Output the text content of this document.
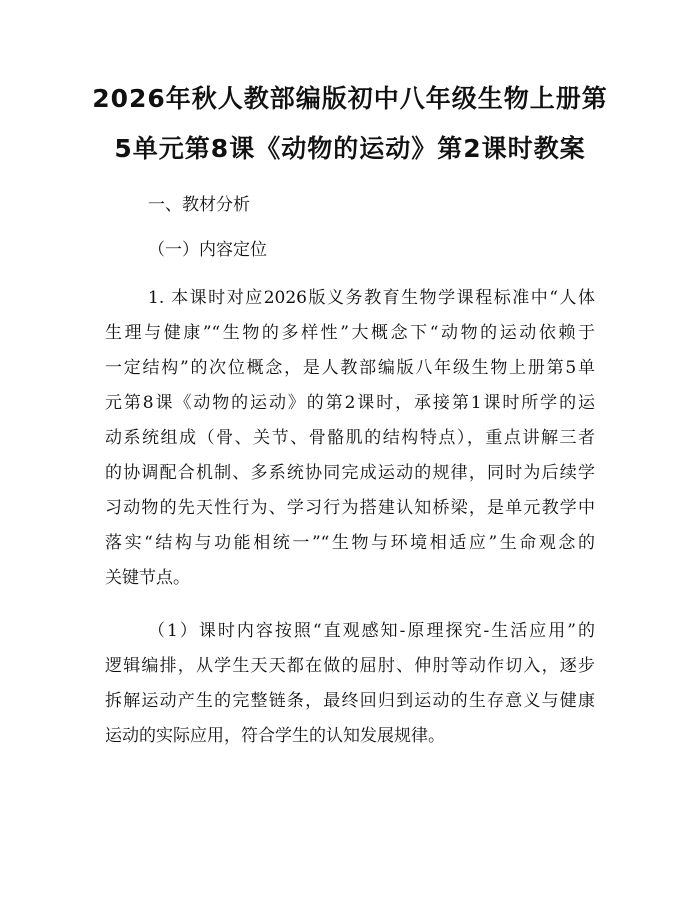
2026年秋人教部编版初中八年级生物上册第
5单元第8课《动物的运动》第2课时教案
一、教材分析
（一）内容定位
1. 本课时对应2026版义务教育生物学课程标准中“人体
生理与健康”“生物的多样性”大概念下“动物的运动依赖于
一定结构”的次位概念，是人教部编版八年级生物上册第5单
元第8课《动物的运动》的第2课时，承接第1课时所学的运
动系统组成（骨、关节、骨骼肌的结构特点），重点讲解三者
的协调配合机制、多系统协同完成运动的规律，同时为后续学
习动物的先天性行为、学习行为搭建认知桥梁，是单元教学中
落实“结构与功能相统一”“生物与环境相适应”生命观念的
关键节点。
（1）课时内容按照“直观感知-原理探究-生活应用”的
逻辑编排，从学生天天都在做的屈肘、伸肘等动作切入，逐步
拆解运动产生的完整链条，最终回归到运动的生存意义与健康
运动的实际应用，符合学生的认知发展规律。
